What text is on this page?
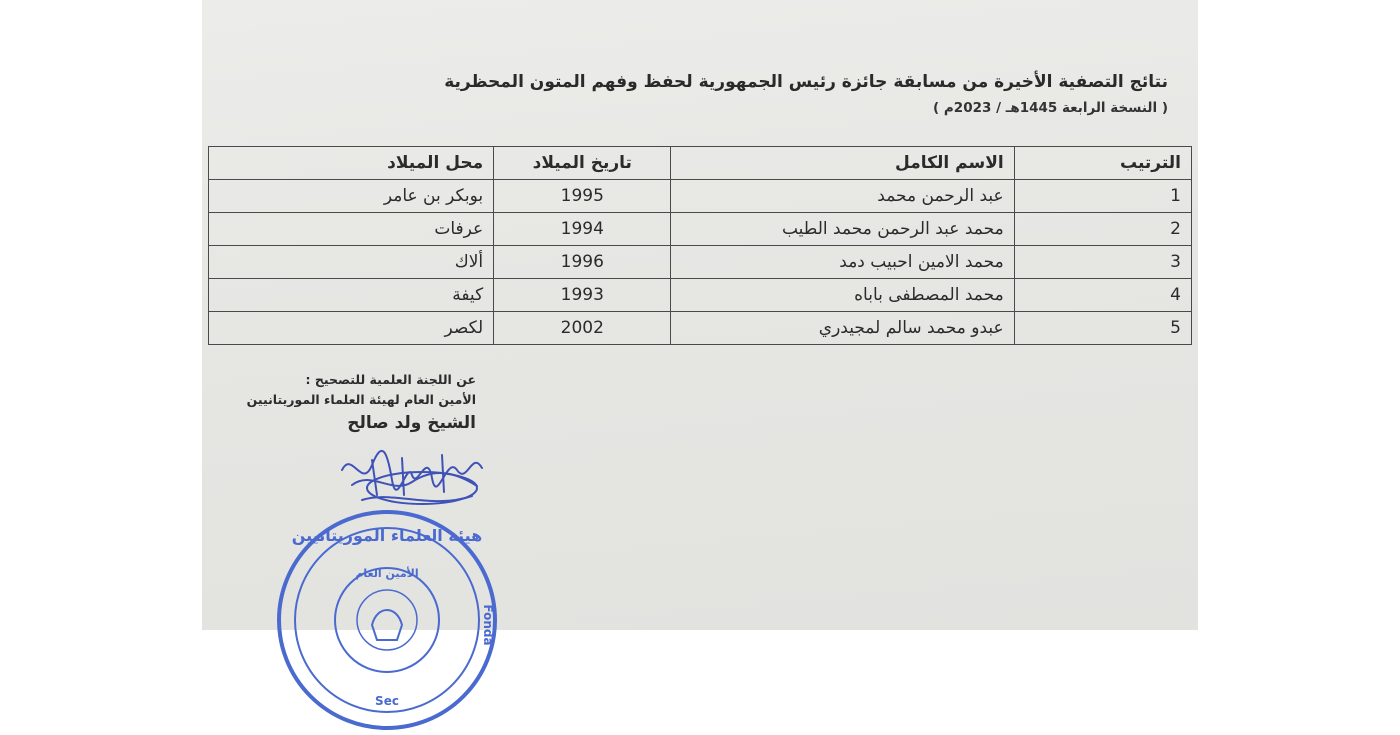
نتائج التصفية الأخيرة من مسابقة جائزة رئيس الجمهورية لحفظ وفهم المتون المحظرية
( النسخة الرابعة 1445هـ / 2023م )
الترتيب	الاسم الكامل	تاريخ الميلاد	محل الميلاد
1	عبد الرحمن محمد	1995	بوبكر بن عامر
2	محمد عبد الرحمن محمد الطيب	1994	عرفات
3	محمد الامين احبيب دمد	1996	ألاك
4	محمد المصطفى باباه	1993	كيفة
5	عبدو محمد سالم لمجيدري	2002	لكصر
عن اللجنة العلمية للتصحيح :
الأمين العام لهيئة العلماء الموريتانيين
الشيخ ولد صالح
هيئة العلماء الموريتانيين
الأمين العام
Fonda
Sec
